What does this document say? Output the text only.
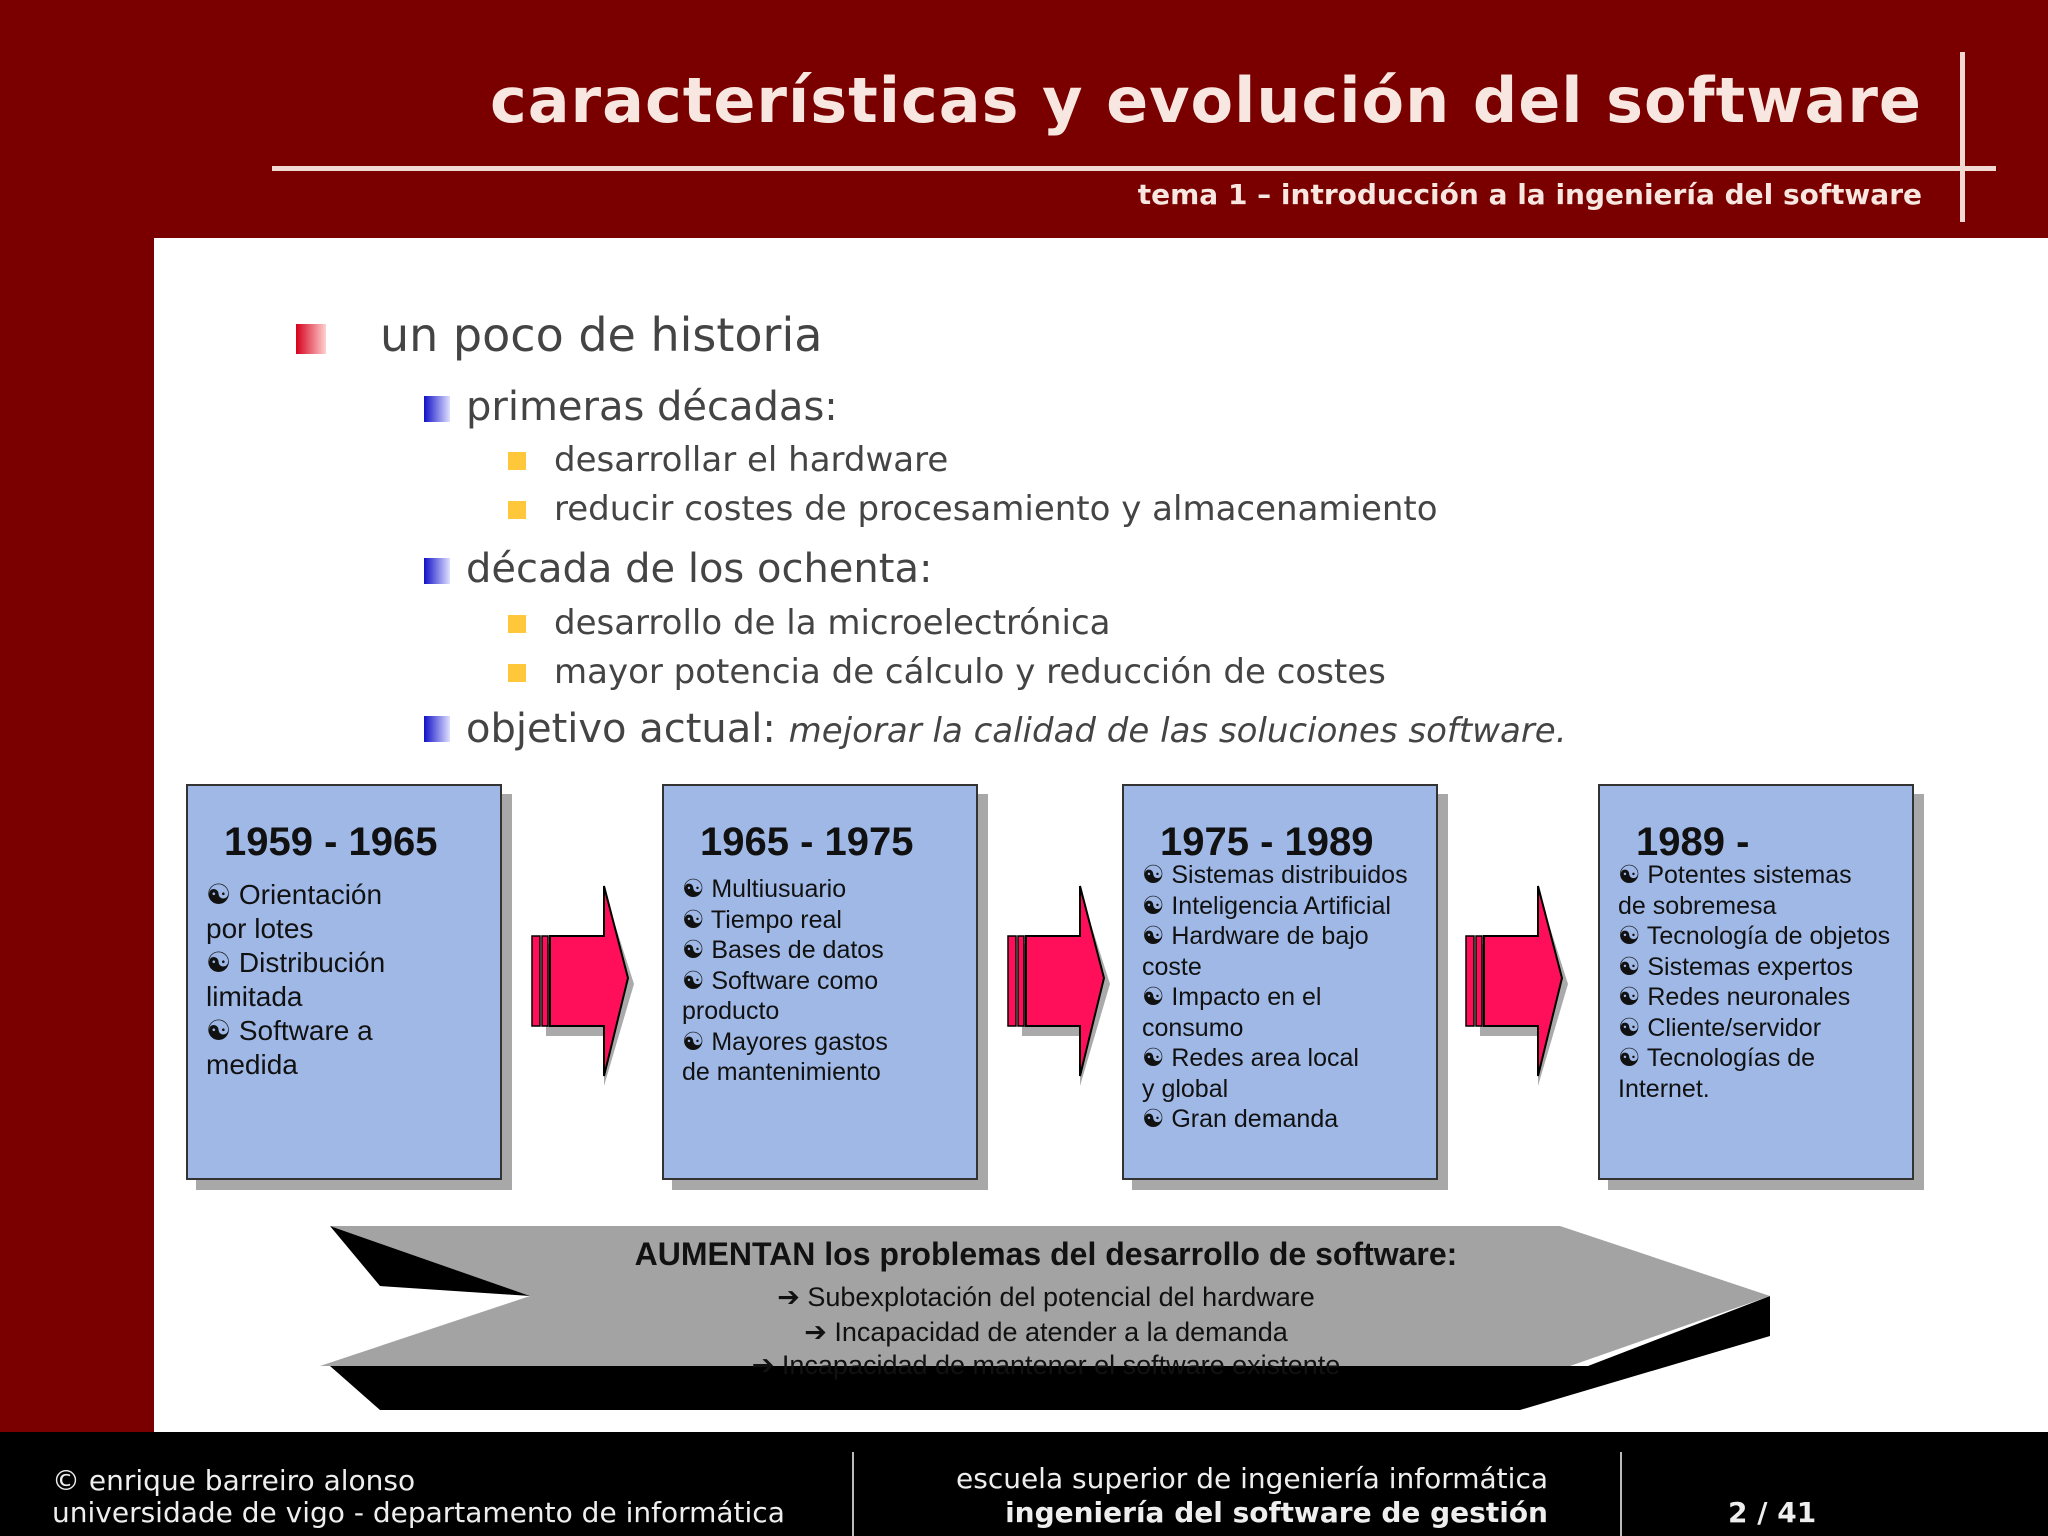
características y evolución del software
tema 1 – introducción a la ingeniería del software
un poco de historia
primeras décadas:
desarrollar el hardware
reducir costes de procesamiento y almacenamiento
década de los ochenta:
desarrollo de la microelectrónica
mayor potencia de cálculo y reducción de costes
objetivo actual: mejorar la calidad de las soluciones software.
1959 - 1965
☯ Orientación
por lotes
☯ Distribución
limitada
☯ Software a
medida
1965 - 1975
☯ Multiusuario
☯ Tiempo real
☯ Bases de datos
☯ Software como
producto
☯ Mayores gastos
de mantenimiento
1975 - 1989
☯ Sistemas distribuidos
☯ Inteligencia Artificial
☯ Hardware de bajo
coste
☯ Impacto en el
consumo
☯ Redes area local
y global
☯ Gran demanda
1989 -
☯ Potentes sistemas
de sobremesa
☯ Tecnología de objetos
☯ Sistemas expertos
☯ Redes neuronales
☯ Cliente/servidor
☯ Tecnologías de
Internet.
AUMENTAN los problemas del desarrollo de software:
➔ Subexplotación del potencial del hardware
➔ Incapacidad de atender a la demanda
➔ Incapacidad de mantener el software existente
© enrique barreiro alonso
universidade de vigo - departamento de informática
escuela superior de ingeniería informática
ingeniería del software de gestión	2 / 41
